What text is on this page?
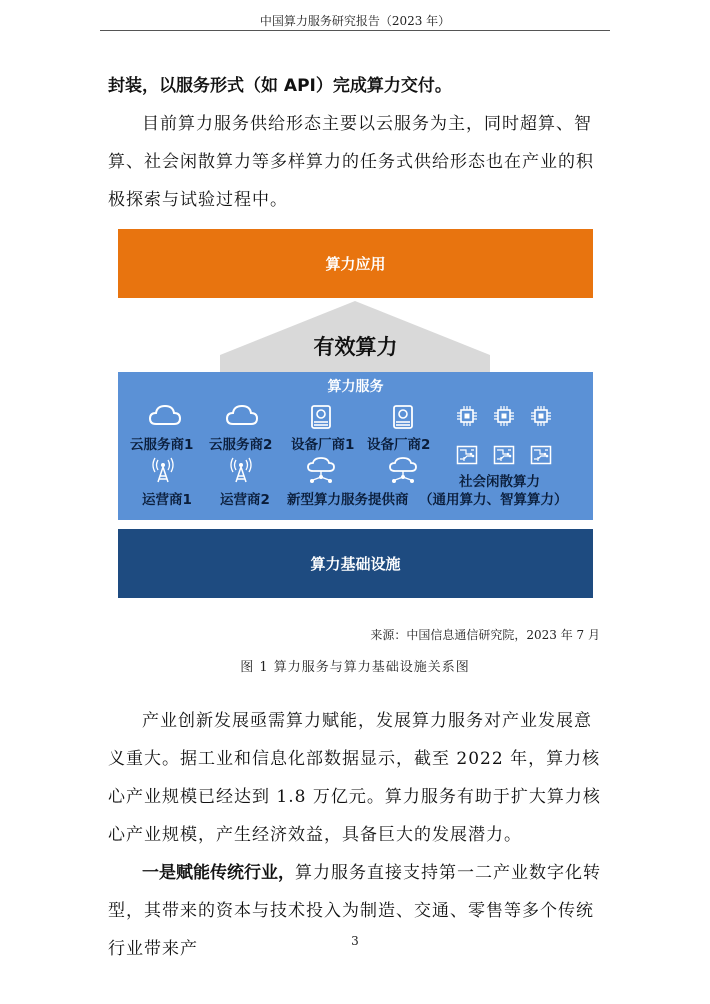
中国算力服务研究报告（2023 年）

封装，以服务形式（如 API）完成算力交付。

目前算力服务供给形态主要以云服务为主，同时超算、智算、社会闲散算力等多样算力的任务式供给形态也在产业的积极探索与试验过程中。

算力应用
有效算力
算力服务
云服务商1 云服务商2 设备厂商1 设备厂商2
社会闲散算力
运营商1 运营商2 新型算力服务提供商 （通用算力、智算算力）
算力基础设施
来源：中国信息通信研究院，2023 年 7 月
图 1 算力服务与算力基础设施关系图

产业创新发展亟需算力赋能，发展算力服务对产业发展意义重大。据工业和信息化部数据显示，截至 2022 年，算力核心产业规模已经达到 1.8 万亿元。算力服务有助于扩大算力核心产业规模，产生经济效益，具备巨大的发展潜力。

一是赋能传统行业，算力服务直接支持第一二产业数字化转型，其带来的资本与技术投入为制造、交通、零售等多个传统行业带来产	3
